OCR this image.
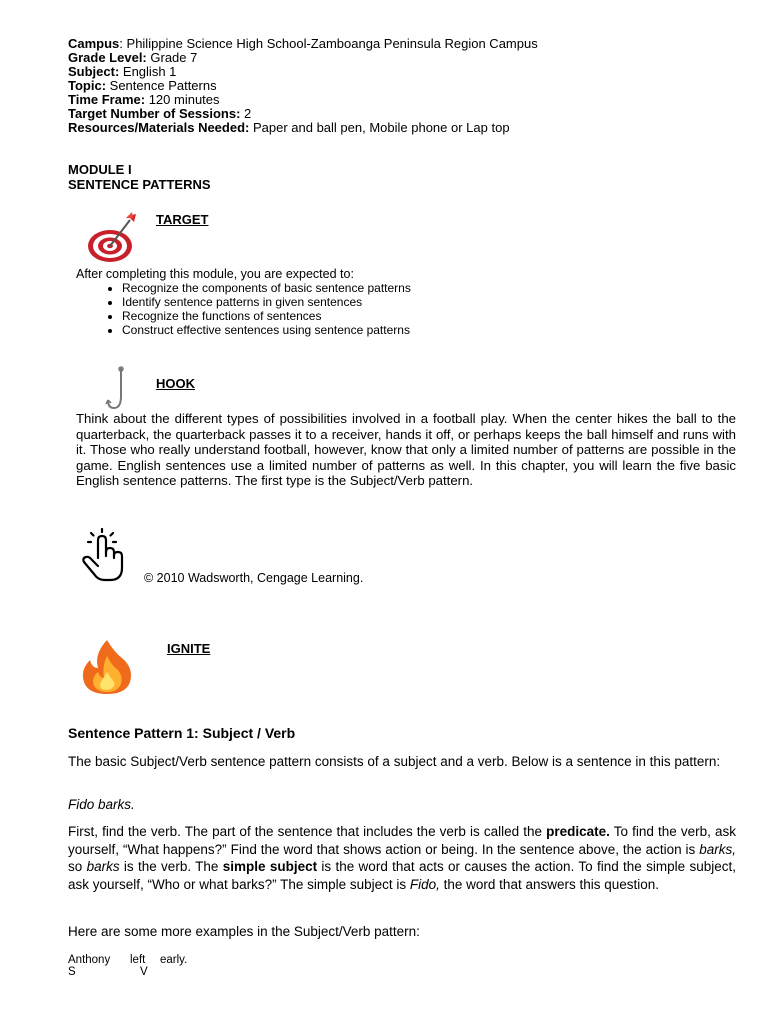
Campus: Philippine Science High School-Zamboanga Peninsula Region Campus
Grade Level: Grade 7
Subject: English 1
Topic: Sentence Patterns
Time Frame: 120 minutes
Target Number of Sessions: 2
Resources/Materials Needed: Paper and ball pen, Mobile phone or Lap top
MODULE I
SENTENCE PATTERNS
TARGET
After completing this module, you are expected to:
• Recognize the components of basic sentence patterns
• Identify sentence patterns in given sentences
• Recognize the functions of sentences
• Construct effective sentences using sentence patterns
HOOK
Think about the different types of possibilities involved in a football play. When the center hikes the ball to the quarterback, the quarterback passes it to a receiver, hands it off, or perhaps keeps the ball himself and runs with it. Those who really understand football, however, know that only a limited number of patterns are possible in the game. English sentences use a limited number of patterns as well. In this chapter, you will learn the five basic English sentence patterns. The first type is the Subject/Verb pattern.
© 2010 Wadsworth, Cengage Learning.
IGNITE
Sentence Pattern 1: Subject / Verb
The basic Subject/Verb sentence pattern consists of a subject and a verb. Below is a sentence in this pattern:
Fido barks.
First, find the verb. The part of the sentence that includes the verb is called the predicate. To find the verb, ask yourself, “What happens?” Find the word that shows action or being. In the sentence above, the action is barks, so barks is the verb. The simple subject is the word that acts or causes the action. To find the simple subject, ask yourself, “Who or what barks?” The simple subject is Fido, the word that answers this question.
Here are some more examples in the Subject/Verb pattern:
Anthony left early.
S	V
